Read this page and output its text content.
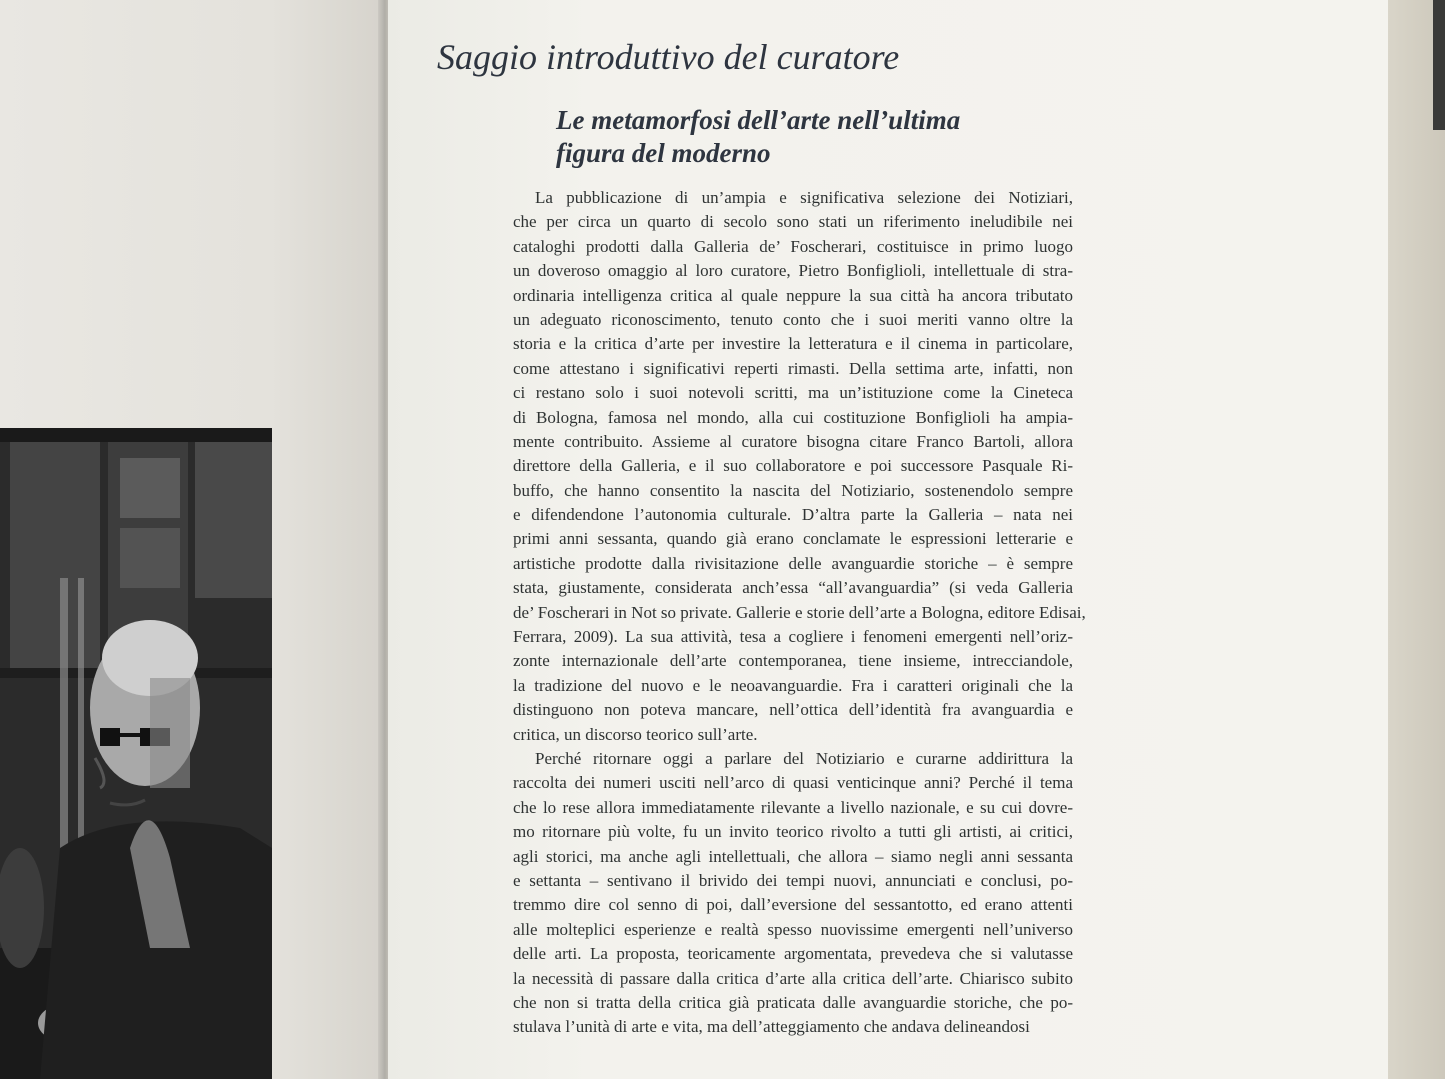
Saggio introduttivo del curatore
Le metamorfosi dell’arte nell’ultima
figura del moderno
La pubblicazione di un’ampia e significativa selezione dei Notiziari,
che per circa un quarto di secolo sono stati un riferimento ineludibile nei
cataloghi prodotti dalla Galleria de’ Foscherari, costituisce in primo luogo
un doveroso omaggio al loro curatore, Pietro Bonfiglioli, intellettuale di stra-
ordinaria intelligenza critica al quale neppure la sua città ha ancora tributato
un adeguato riconoscimento, tenuto conto che i suoi meriti vanno oltre la
storia e la critica d’arte per investire la letteratura e il cinema in particolare,
come attestano i significativi reperti rimasti. Della settima arte, infatti, non
ci restano solo i suoi notevoli scritti, ma un’istituzione come la Cineteca
di Bologna, famosa nel mondo, alla cui costituzione Bonfiglioli ha ampia-
mente contribuito. Assieme al curatore bisogna citare Franco Bartoli, allora
direttore della Galleria, e il suo collaboratore e poi successore Pasquale Ri-
buffo, che hanno consentito la nascita del Notiziario, sostenendolo sempre
e difendendone l’autonomia culturale. D’altra parte la Galleria – nata nei
primi anni sessanta, quando già erano conclamate le espressioni letterarie e
artistiche prodotte dalla rivisitazione delle avanguardie storiche – è sempre
stata, giustamente, considerata anch’essa “all’avanguardia” (si veda Galleria
de’ Foscherari in Not so private. Gallerie e storie dell’arte a Bologna, editore Edisai,
Ferrara, 2009). La sua attività, tesa a cogliere i fenomeni emergenti nell’oriz-
zonte internazionale dell’arte contemporanea, tiene insieme, intrecciandole,
la tradizione del nuovo e le neoavanguardie. Fra i caratteri originali che la
distinguono non poteva mancare, nell’ottica dell’identità fra avanguardia e
critica, un discorso teorico sull’arte.
Perché ritornare oggi a parlare del Notiziario e curarne addirittura la
raccolta dei numeri usciti nell’arco di quasi venticinque anni? Perché il tema
che lo rese allora immediatamente rilevante a livello nazionale, e su cui dovre-
mo ritornare più volte, fu un invito teorico rivolto a tutti gli artisti, ai critici,
agli storici, ma anche agli intellettuali, che allora – siamo negli anni sessanta
e settanta – sentivano il brivido dei tempi nuovi, annunciati e conclusi, po-
tremmo dire col senno di poi, dall’eversione del sessantotto, ed erano attenti
alle molteplici esperienze e realtà spesso nuovissime emergenti nell’universo
delle arti. La proposta, teoricamente argomentata, prevedeva che si valutasse
la necessità di passare dalla critica d’arte alla critica dell’arte. Chiarisco subito
che non si tratta della critica già praticata dalle avanguardie storiche, che po-
stulava l’unità di arte e vita, ma dell’atteggiamento che andava delineandosi
